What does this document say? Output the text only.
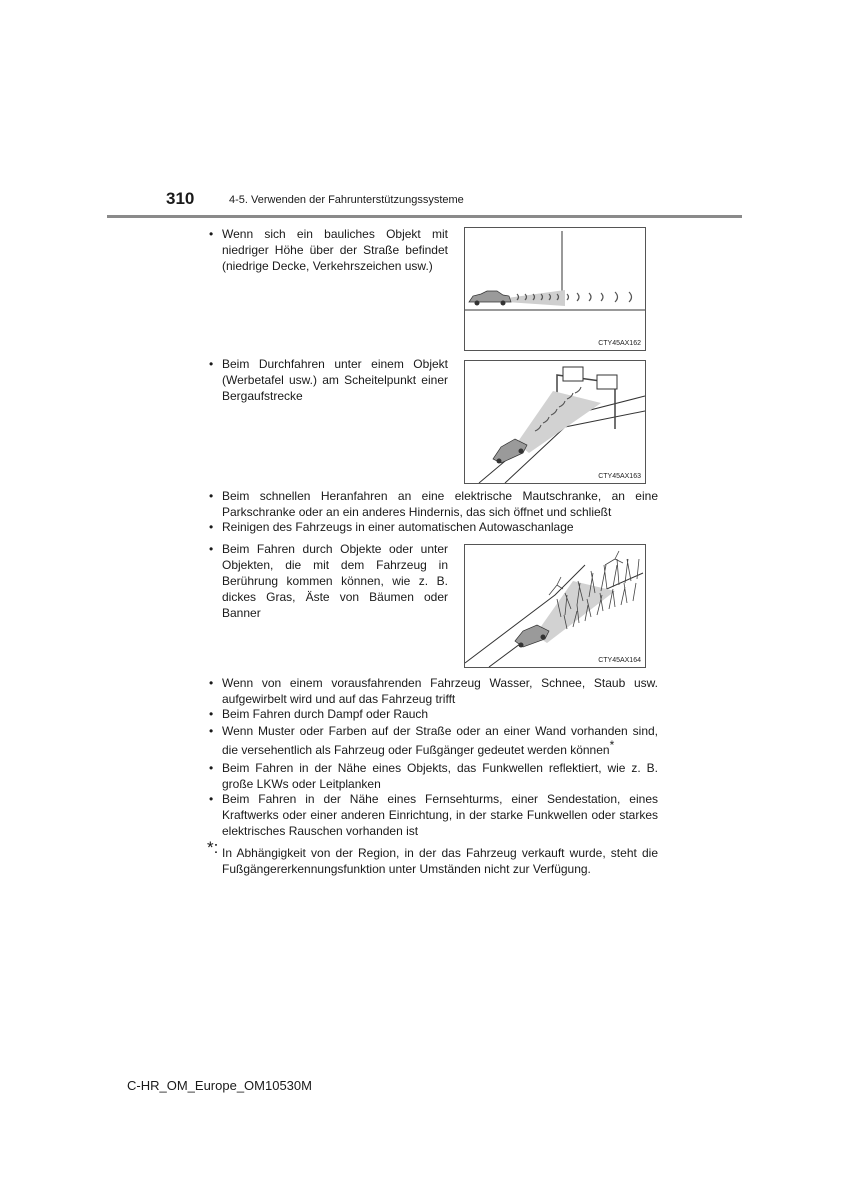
310	4-5. Verwenden der Fahrunterstützungssysteme
• Wenn sich ein bauliches Objekt mit niedriger Höhe über der Straße befindet (niedrige Decke, Verkehrszeichen usw.)
CTY45AX162
• Beim Durchfahren unter einem Objekt (Werbetafel usw.) am Scheitelpunkt einer Bergaufstrecke
CTY45AX163
• Beim schnellen Heranfahren an eine elektrische Mautschranke, an eine Parkschranke oder an ein anderes Hindernis, das sich öffnet und schließt
• Reinigen des Fahrzeugs in einer automatischen Autowaschanlage
• Beim Fahren durch Objekte oder unter Objekten, die mit dem Fahrzeug in Berührung kommen können, wie z. B. dickes Gras, Äste von Bäumen oder Banner
CTY45AX164
• Wenn von einem vorausfahrenden Fahrzeug Wasser, Schnee, Staub usw. aufgewirbelt wird und auf das Fahrzeug trifft
• Beim Fahren durch Dampf oder Rauch
• Wenn Muster oder Farben auf der Straße oder an einer Wand vorhanden sind, die versehentlich als Fahrzeug oder Fußgänger gedeutet werden können*
• Beim Fahren in der Nähe eines Objekts, das Funkwellen reflektiert, wie z. B. große LKWs oder Leitplanken
• Beim Fahren in der Nähe eines Fernsehturms, einer Sendestation, eines Kraftwerks oder einer anderen Einrichtung, in der starke Funkwellen oder starkes elektrisches Rauschen vorhanden ist
*: In Abhängigkeit von der Region, in der das Fahrzeug verkauft wurde, steht die Fußgängererkennungsfunktion unter Umständen nicht zur Verfügung.
C-HR_OM_Europe_OM10530M
